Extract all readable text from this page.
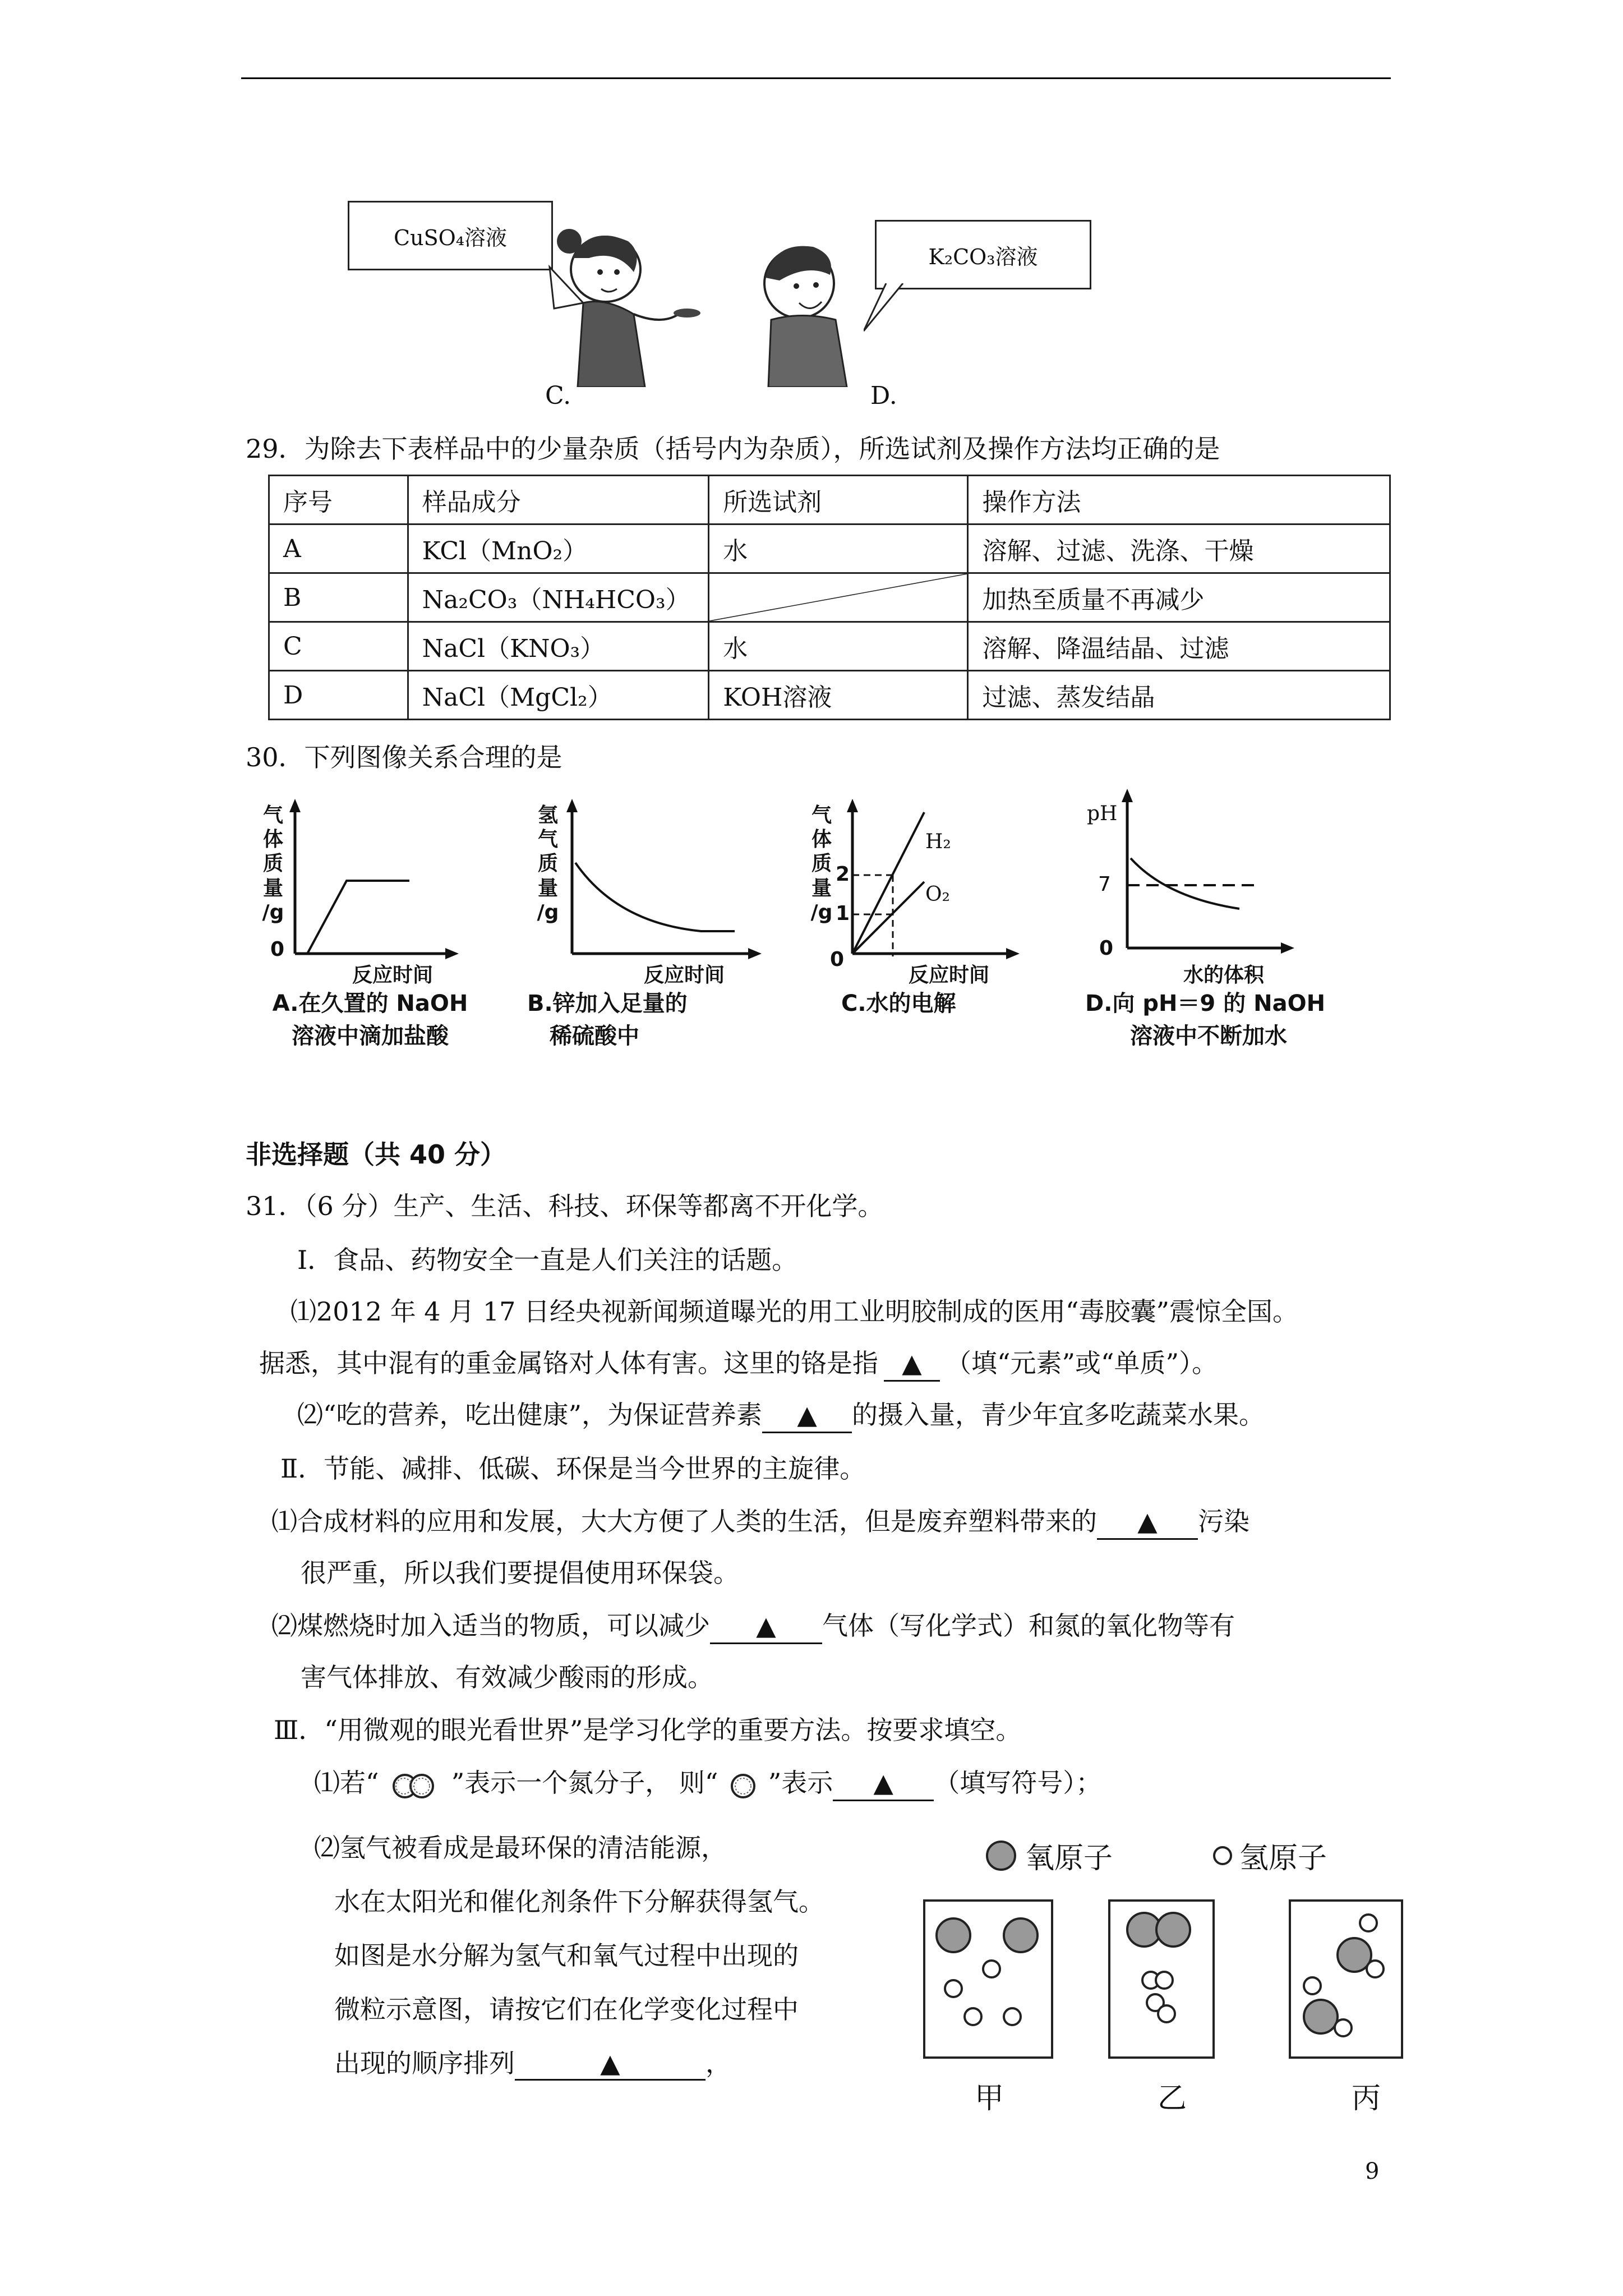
CuSO₄溶液
C.
K₂CO₃溶液
D.
29．为除去下表样品中的少量杂质（括号内为杂质），所选试剂及操作方法均正确的是
序号	样品成分	所选试剂	操作方法
A	KCl（MnO₂）	水	溶解、过滤、洗涤、干燥
B	Na₂CO₃（NH₄HCO₃）		加热至质量不再减少
C	NaCl（KNO₃）	水	溶解、降温结晶、过滤
D	NaCl（MgCl₂）	KOH溶液	过滤、蒸发结晶
30．下列图像关系合理的是
气
体
质
量
/g
0
反应时间
A.在久置的 NaOH
溶液中滴加盐酸
氢
气
质
量
/g
反应时间
B.锌加入足量的
稀硫酸中
气
体
质
量
/g
2
1
0
H₂
O₂
反应时间
C.水的电解
pH
7
0
水的体积
D.向 pH＝9 的 NaOH
溶液中不断加水
非选择题（共 40 分）
31．（6 分）生产、生活、科技、环保等都离不开化学。
Ⅰ．食品、药物安全一直是人们关注的话题。
⑴2012 年 4 月 17 日经央视新闻频道曝光的用工业明胶制成的医用“毒胶囊”震惊全国。
据悉，其中混有的重金属铬对人体有害。这里的铬是指 ▲ （填“元素”或“单质”）。
⑵“吃的营养，吃出健康”，为保证营养素 ▲ 的摄入量，青少年宜多吃蔬菜水果。
Ⅱ．节能、减排、低碳、环保是当今世界的主旋律。
⑴合成材料的应用和发展，大大方便了人类的生活，但是废弃塑料带来的 ▲ 污染
很严重，所以我们要提倡使用环保袋。
⑵煤燃烧时加入适当的物质，可以减少 ▲ 气体（写化学式）和氮的氧化物等有
害气体排放、有效减少酸雨的形成。
Ⅲ．“用微观的眼光看世界”是学习化学的重要方法。按要求填空。
⑴若“	”表示一个氮分子， 则“ ”表示 ▲ （填写符号）；
⑵氢气被看成是最环保的清洁能源，
水在太阳光和催化剂条件下分解获得氢气。
如图是水分解为氢气和氧气过程中出现的
微粒示意图，请按它们在化学变化过程中
出现的顺序排列	▲	，
氧原子	氢原子
甲	乙	丙
9
